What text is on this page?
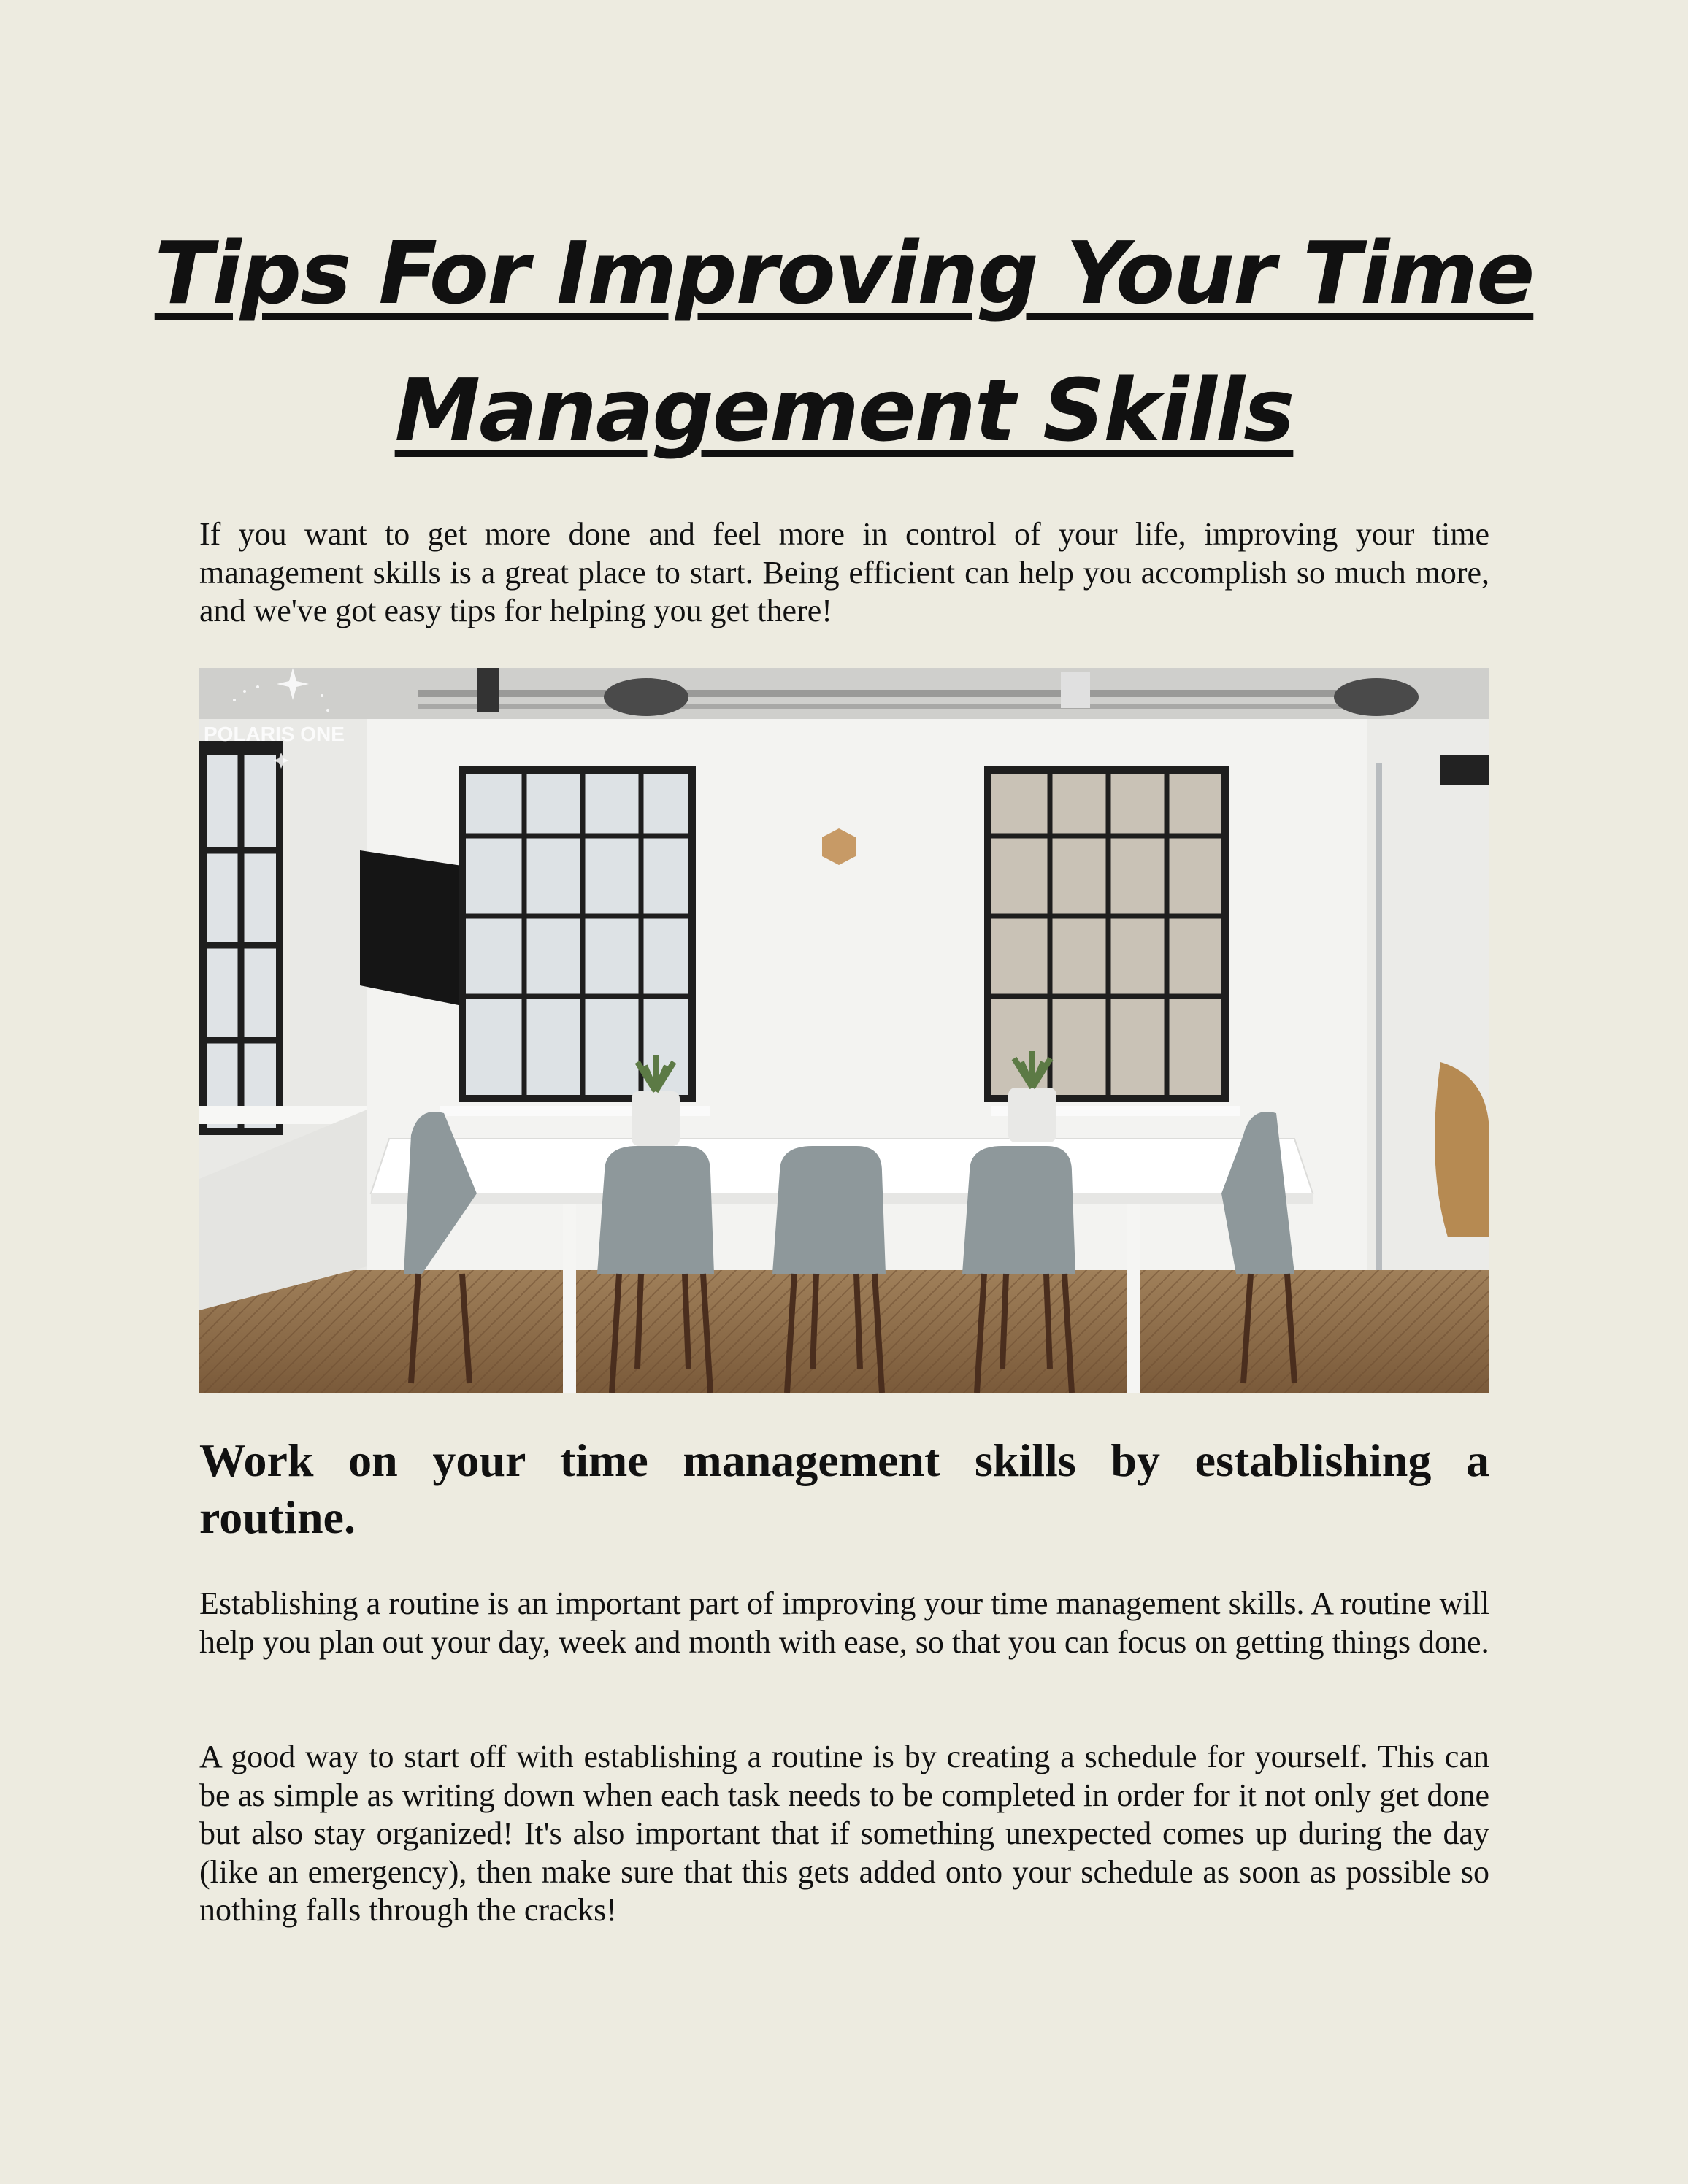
Tips For Improving Your Time
Management Skills

If you want to get more done and feel more in control of your life, improving your time management skills is a great place to start. Being efficient can help you accomplish so much more, and we've got easy tips for helping you get there!

POLARIS ONE
Work on your time management skills by establishing a routine.

Establishing a routine is an important part of improving your time management skills. A routine will help you plan out your day, week and month with ease, so that you can focus on getting things done.

A good way to start off with establishing a routine is by creating a schedule for yourself. This can be as simple as writing down when each task needs to be completed in order for it not only get done but also stay organized! It's also important that if something unexpected comes up during the day (like an emergency), then make sure that this gets added onto your schedule as soon as possible so nothing falls through the cracks!
